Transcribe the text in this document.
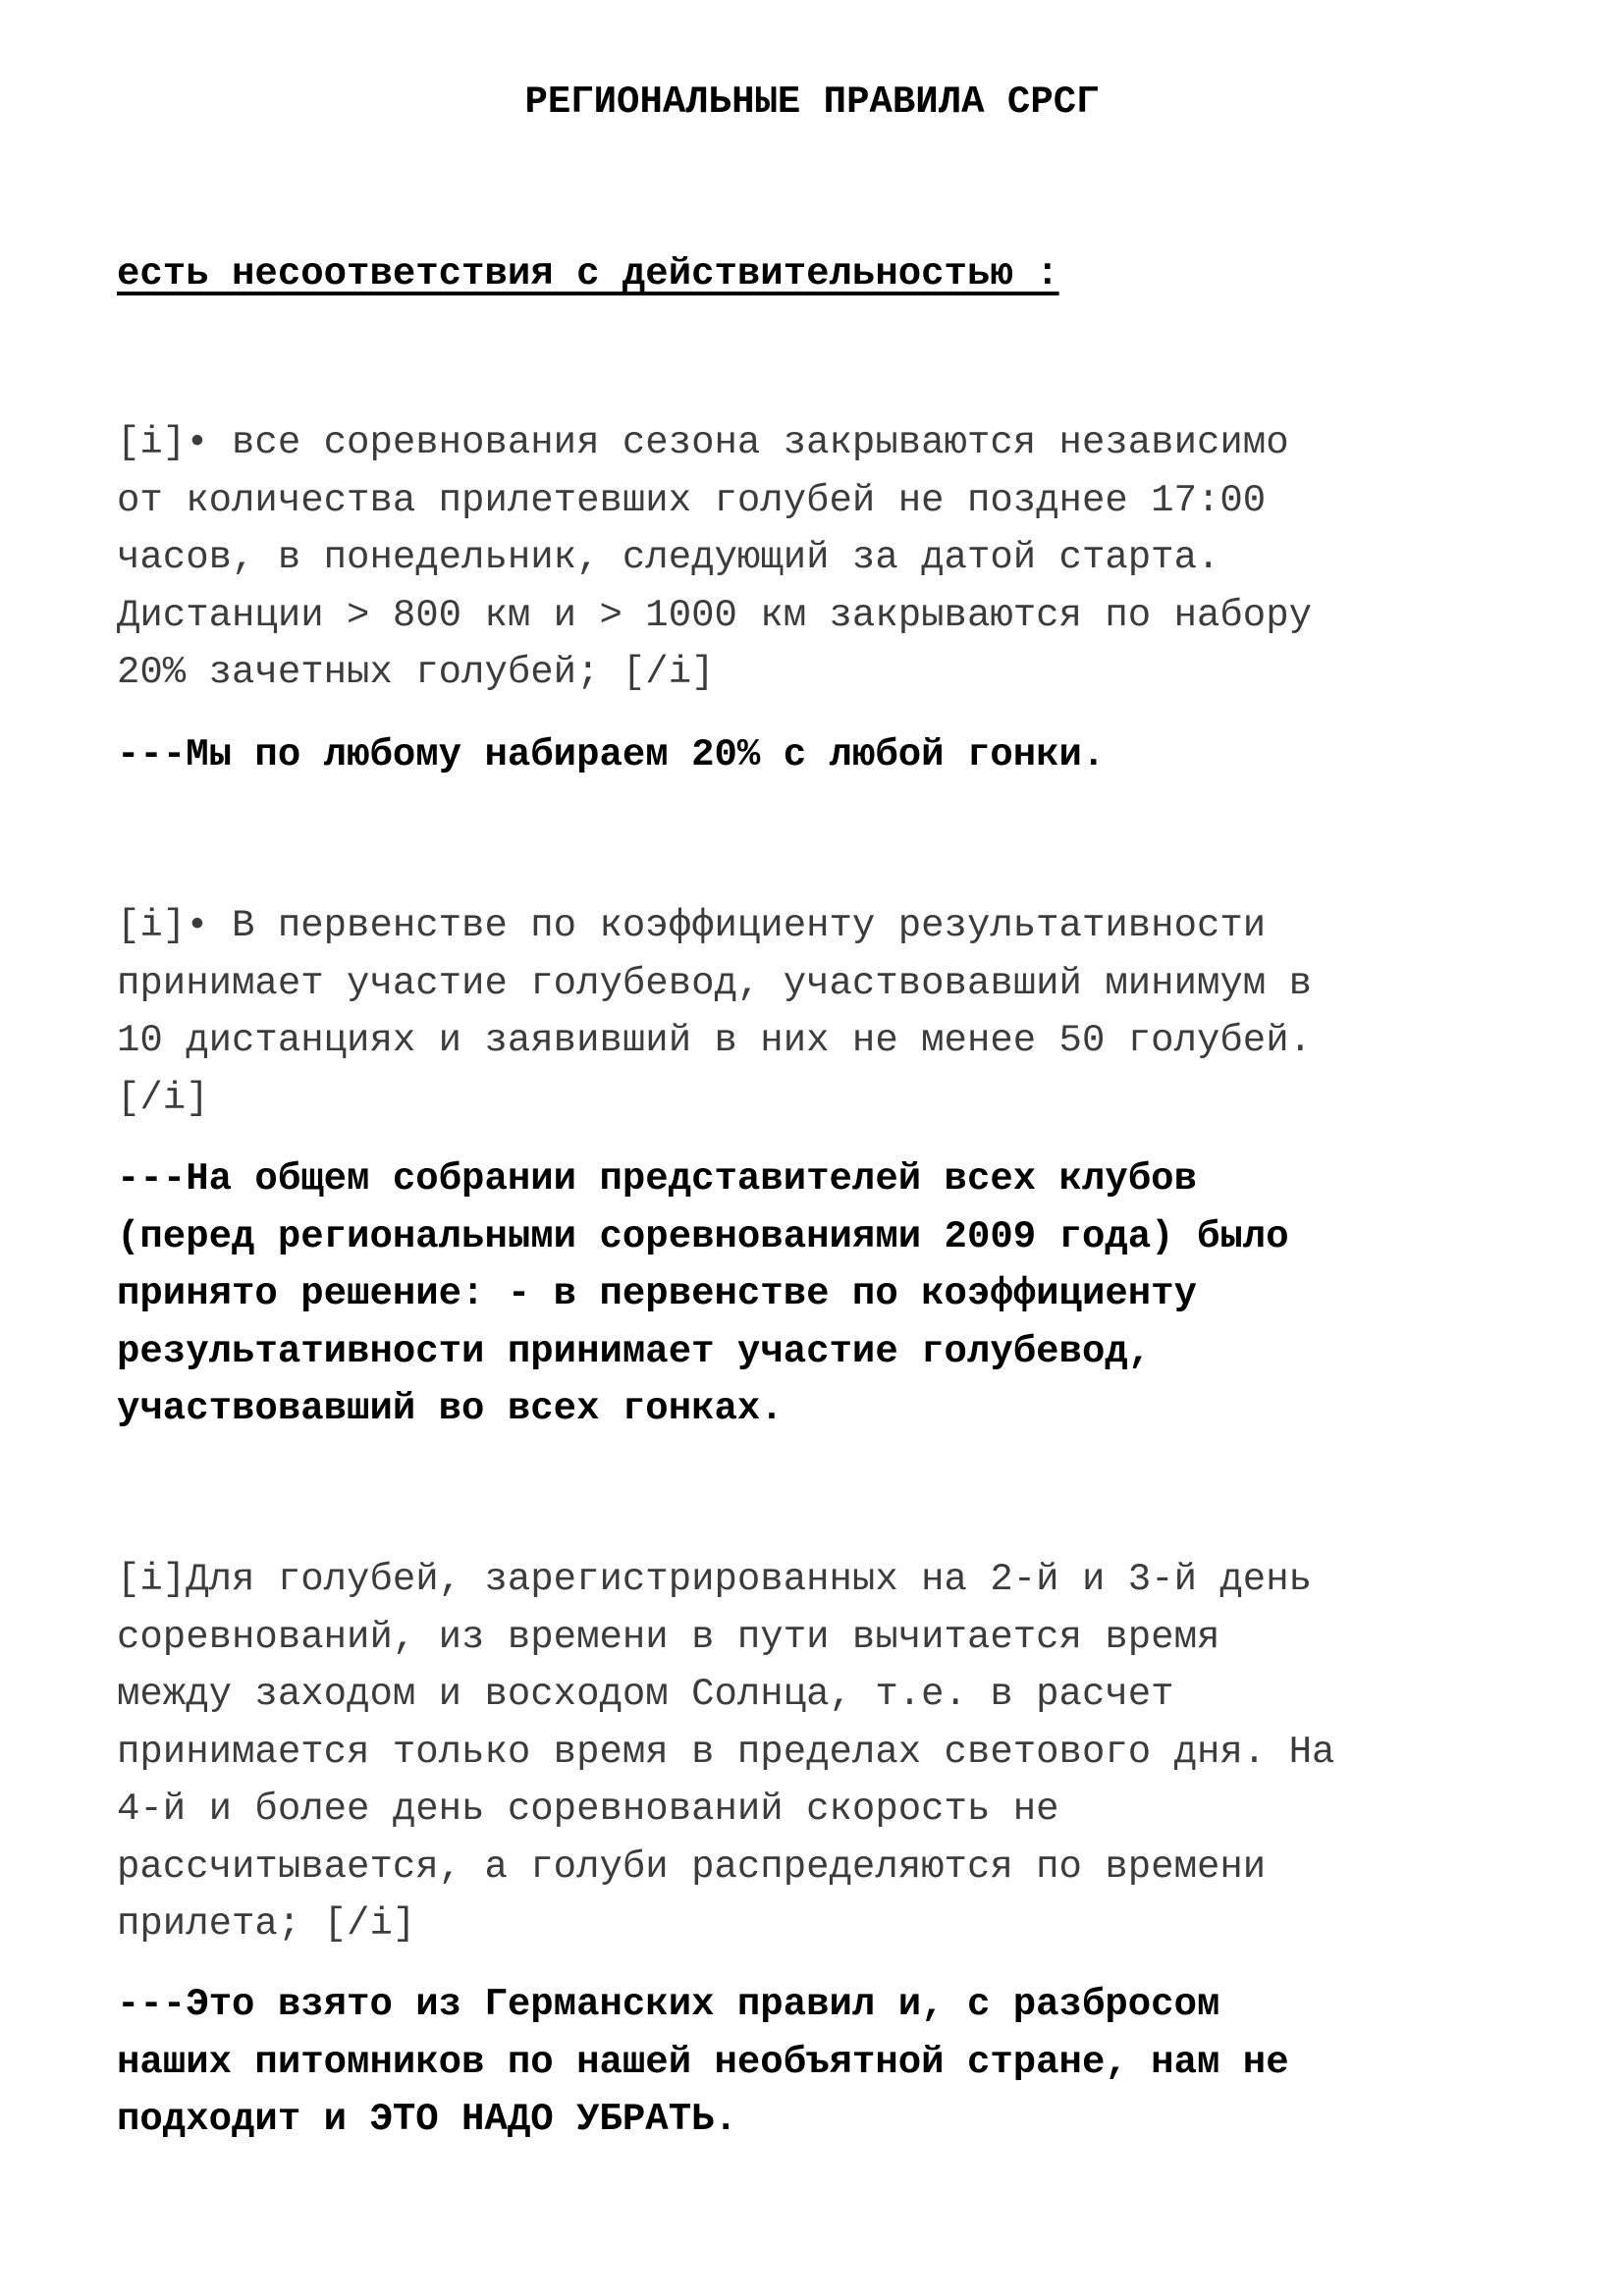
РЕГИОНАЛЬНЫЕ ПРАВИЛА СРСГ
есть несоответствия с действительностью :

[i]• все соревнования сезона закрываются независимо
от количества прилетевших голубей не позднее 17:00
часов, в понедельник, следующий за датой старта.
Дистанции > 800 км и > 1000 км закрываются по набору
20% зачетных голубей; [/i]

---Мы по любому набираем 20% с любой гонки.

[i]• В первенстве по коэффициенту результативности
принимает участие голубевод, участвовавший минимум в
10 дистанциях и заявивший в них не менее 50 голубей.
[/i]

---На общем собрании представителей всех клубов
(перед региональными соревнованиями 2009 года) было
принято решение: - в первенстве по коэффициенту
результативности принимает участие голубевод,
участвовавший во всех гонках.

[i]Для голубей, зарегистрированных на 2-й и 3-й день
соревнований, из времени в пути вычитается время
между заходом и восходом Солнца, т.е. в расчет
принимается только время в пределах светового дня. На
4-й и более день соревнований скорость не
рассчитывается, а голуби распределяются по времени
прилета; [/i]

---Это взято из Германских правил и, с разбросом
наших питомников по нашей необъятной стране, нам не
подходит и ЭТО НАДО УБРАТЬ.
